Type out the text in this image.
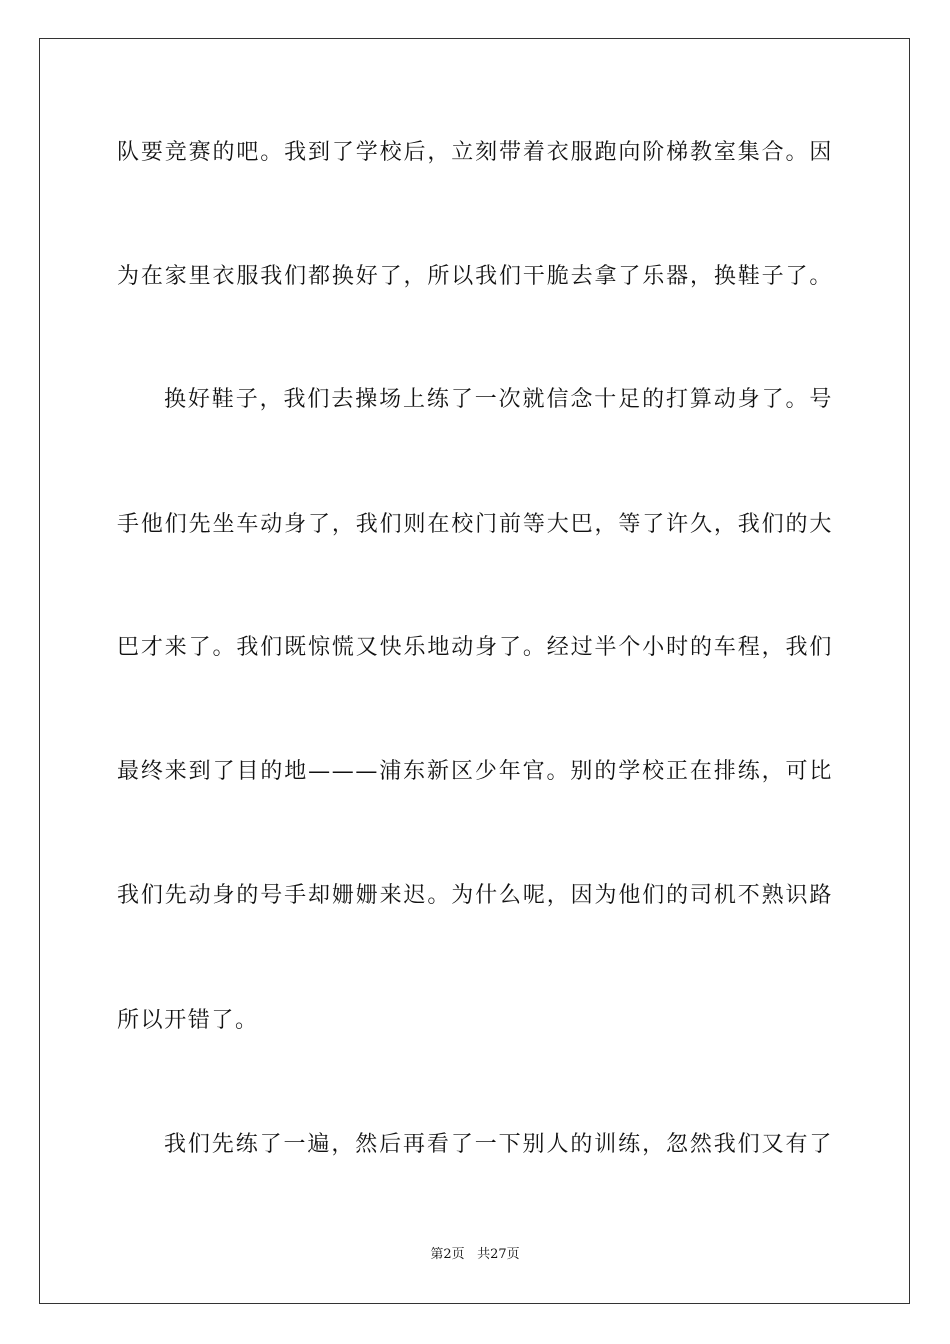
队要竞赛的吧。我到了学校后，立刻带着衣服跑向阶梯教室集合。因
为在家里衣服我们都换好了，所以我们干脆去拿了乐器，换鞋子了。
换好鞋子，我们去操场上练了一次就信念十足的打算动身了。号
手他们先坐车动身了，我们则在校门前等大巴，等了许久，我们的大
巴才来了。我们既惊慌又快乐地动身了。经过半个小时的车程，我们
最终来到了目的地———浦东新区少年官。别的学校正在排练，可比
我们先动身的号手却姗姗来迟。为什么呢，因为他们的司机不熟识路
所以开错了。
我们先练了一遍，然后再看了一下别人的训练，忽然我们又有了
第2页 共27页
